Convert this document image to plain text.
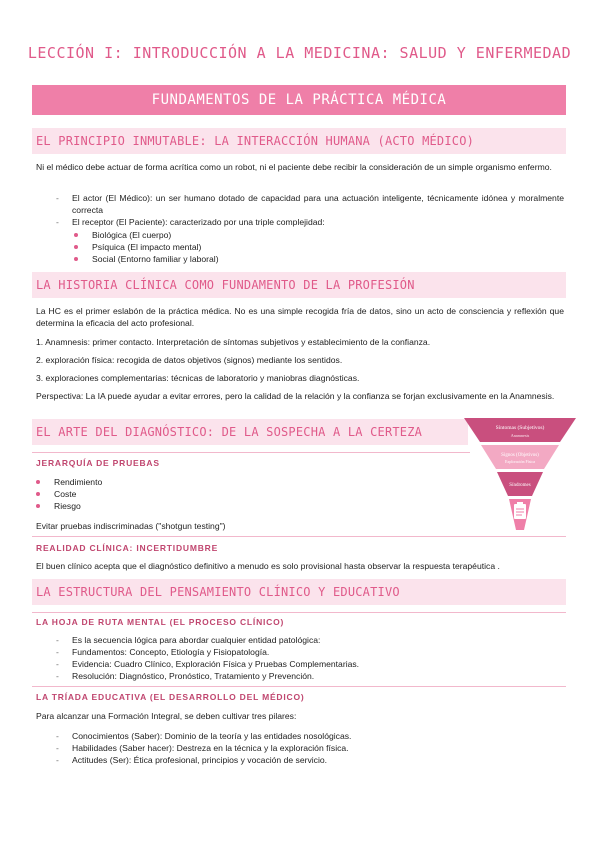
LECCIÓN I: INTRODUCCIÓN A LA MEDICINA: SALUD Y ENFERMEDAD
FUNDAMENTOS DE LA PRÁCTICA MÉDICA
EL PRINCIPIO INMUTABLE: LA INTERACCIÓN HUMANA (ACTO MÉDICO)
Ni el médico debe actuar de forma acrítica como un robot, ni el paciente debe recibir la consideración de un simple organismo enfermo.
- El actor (El Médico): un ser humano dotado de capacidad para una actuación inteligente, técnicamente idónea y moralmente correcta
- El receptor (El Paciente): caracterizado por una triple complejidad:
Biológica (El cuerpo)
Psíquica (El impacto mental)
Social (Entorno familiar y laboral)
LA HISTORIA CLÍNICA COMO FUNDAMENTO DE LA PROFESIÓN
La HC es el primer eslabón de la práctica médica. No es una simple recogida fría de datos, sino un acto de consciencia y reflexión que determina la eficacia del acto profesional.
1. Anamnesis: primer contacto. Interpretación de síntomas subjetivos y establecimiento de la confianza.
2. exploración física: recogida de datos objetivos (signos) mediante los sentidos.
3. exploraciones complementarias: técnicas de laboratorio y maniobras diagnósticas.
Perspectiva: La IA puede ayudar a evitar errores, pero la calidad de la relación y la confianza se forjan exclusivamente en la Anamnesis.
EL ARTE DEL DIAGNÓSTICO: DE LA SOSPECHA A LA CERTEZA
JERARQUÍA DE PRUEBAS
Rendimiento
Coste
Riesgo
Evitar pruebas indiscriminadas ("shotgun testing")
REALIDAD CLÍNICA: INCERTIDUMBRE
El buen clínico acepta que el diagnóstico definitivo a menudo es solo provisional hasta observar la respuesta terapéutica .
Síntomas (Subjetivos)
Anamnesis
Signos (Objetivos)
Exploración Física
Síndromes
LA ESTRUCTURA DEL PENSAMIENTO CLÍNICO Y EDUCATIVO
LA HOJA DE RUTA MENTAL (EL PROCESO CLÍNICO)
- Es la secuencia lógica para abordar cualquier entidad patológica:
- Fundamentos: Concepto, Etiología y Fisiopatología.
- Evidencia: Cuadro Clínico, Exploración Física y Pruebas Complementarias.
- Resolución: Diagnóstico, Pronóstico, Tratamiento y Prevención.
LA TRÍADA EDUCATIVA (EL DESARROLLO DEL MÉDICO)
Para alcanzar una Formación Integral, se deben cultivar tres pilares:
- Conocimientos (Saber): Dominio de la teoría y las entidades nosológicas.
- Habilidades (Saber hacer): Destreza en la técnica y la exploración física.
- Actitudes (Ser): Ética profesional, principios y vocación de servicio.
